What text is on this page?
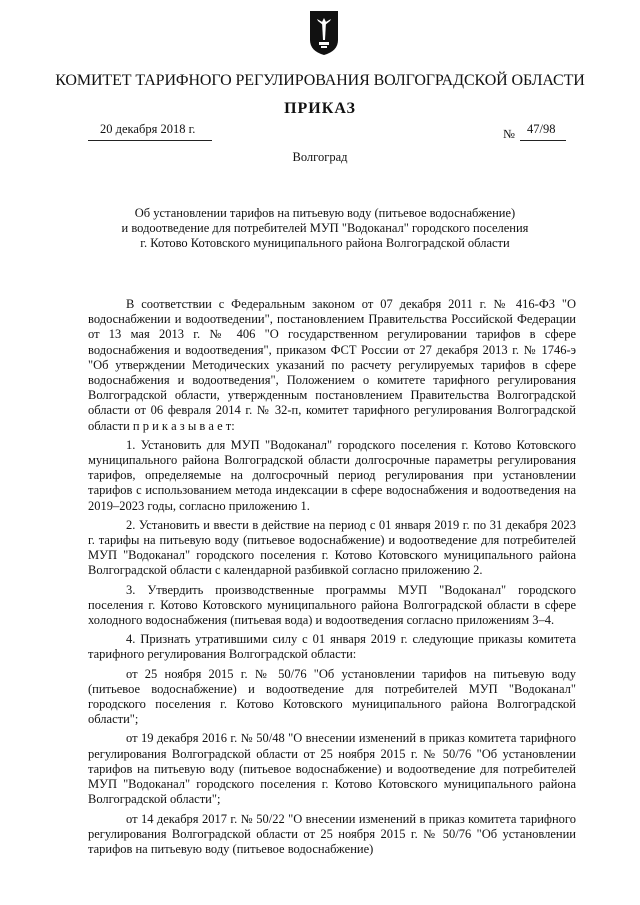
КОМИТЕТ ТАРИФНОГО РЕГУЛИРОВАНИЯ ВОЛГОГРАДСКОЙ ОБЛАСТИ
ПРИКАЗ
20 декабря 2018 г.	№ 47/98
Волгоград
Об установлении тарифов на питьевую воду (питьевое водоснабжение)
и водоотведение для потребителей МУП "Водоканал" городского поселения
г. Котово Котовского муниципального района Волгоградской области

В соответствии с Федеральным законом от 07 декабря 2011 г. № 416-ФЗ "О водоснабжении и водоотведении", постановлением Правительства Российской Федерации от 13 мая 2013 г. № 406 "О государственном регулировании тарифов в сфере водоснабжения и водоотведения", приказом ФСТ России от 27 декабря 2013 г. № 1746-э "Об утверждении Методических указаний по расчету регулируемых тарифов в сфере водоснабжения и водоотведения", Положением о комитете тарифного регулирования Волгоградской области, утвержденным постановлением Правительства Волгоградской области от 06 февраля 2014 г. № 32-п, комитет тарифного регулирования Волгоградской области п р и к а з ы в а е т:

1. Установить для МУП "Водоканал" городского поселения г. Котово Котовского муниципального района Волгоградской области долгосрочные параметры регулирования тарифов, определяемые на долгосрочный период регулирования при установлении тарифов с использованием метода индексации в сфере водоснабжения и водоотведения на 2019–2023 годы, согласно приложению 1.

2. Установить и ввести в действие на период с 01 января 2019 г. по 31 декабря 2023 г. тарифы на питьевую воду (питьевое водоснабжение) и водоотведение для потребителей МУП "Водоканал" городского поселения г. Котово Котовского муниципального района Волгоградской области с календарной разбивкой согласно приложению 2.

3. Утвердить производственные программы МУП "Водоканал" городского поселения г. Котово Котовского муниципального района Волгоградской области в сфере холодного водоснабжения (питьевая вода) и водоотведения согласно приложениям 3–4.

4. Признать утратившими силу с 01 января 2019 г. следующие приказы комитета тарифного регулирования Волгоградской области:

от 25 ноября 2015 г. № 50/76 "Об установлении тарифов на питьевую воду (питьевое водоснабжение) и водоотведение для потребителей МУП "Водоканал" городского поселения г. Котово Котовского муниципального района Волгоградской области";

от 19 декабря 2016 г. № 50/48 "О внесении изменений в приказ комитета тарифного регулирования Волгоградской области от 25 ноября 2015 г. № 50/76 "Об установлении тарифов на питьевую воду (питьевое водоснабжение) и водоотведение для потребителей МУП "Водоканал" городского поселения г. Котово Котовского муниципального района Волгоградской области";

от 14 декабря 2017 г. № 50/22 "О внесении изменений в приказ комитета тарифного регулирования Волгоградской области от 25 ноября 2015 г. № 50/76 "Об установлении тарифов на питьевую воду (питьевое водоснабжение)
